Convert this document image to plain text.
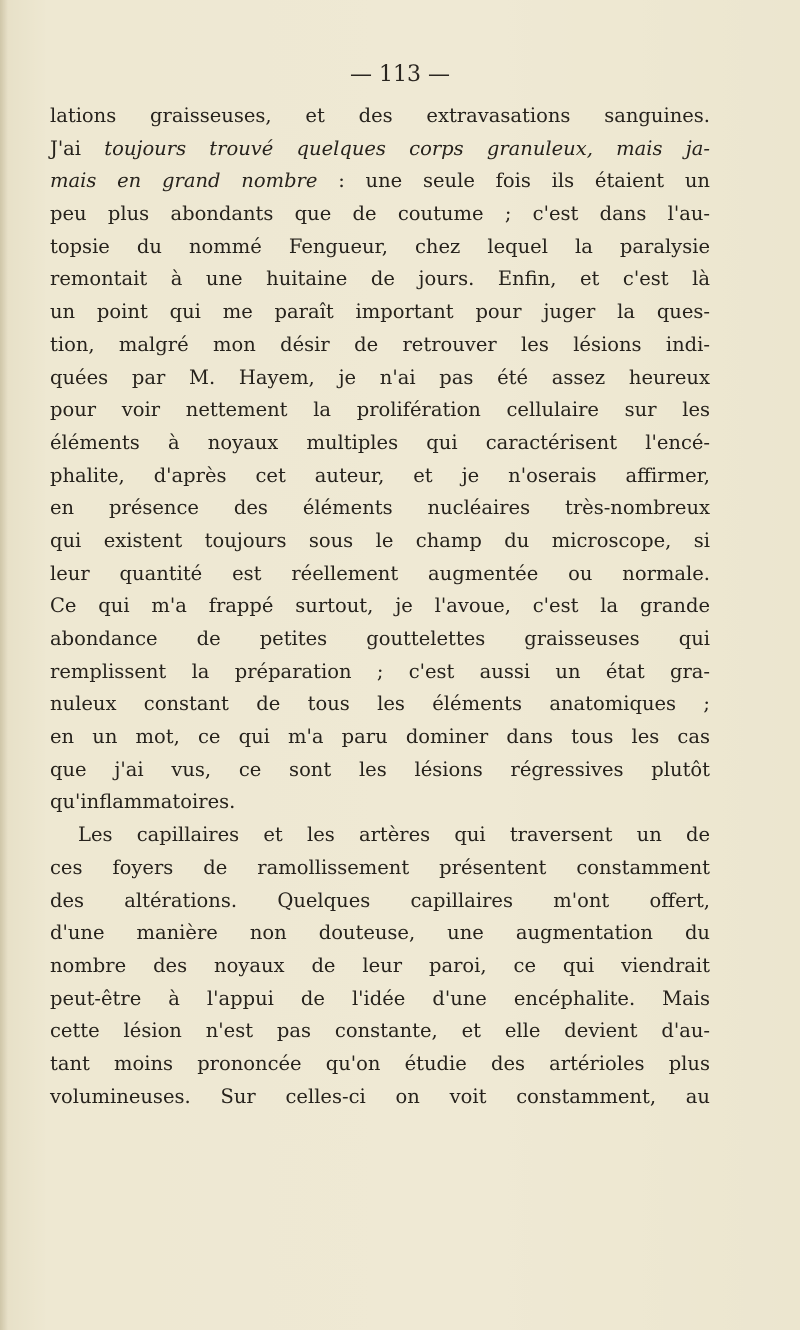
— 113 —
lations graisseuses, et des extravasations sanguines.
J'ai toujours trouvé quelques corps granuleux, mais ja-
mais en grand nombre : une seule fois ils étaient un
peu plus abondants que de coutume ; c'est dans l'au-
topsie du nommé Fengueur, chez lequel la paralysie
remontait à une huitaine de jours. Enfin, et c'est là
un point qui me paraît important pour juger la ques-
tion, malgré mon désir de retrouver les lésions indi-
quées par M. Hayem, je n'ai pas été assez heureux
pour voir nettement la prolifération cellulaire sur les
éléments à noyaux multiples qui caractérisent l'encé-
phalite, d'après cet auteur, et je n'oserais affirmer,
en présence des éléments nucléaires très-nombreux
qui existent toujours sous le champ du microscope, si
leur quantité est réellement augmentée ou normale.
Ce qui m'a frappé surtout, je l'avoue, c'est la grande
abondance de petites gouttelettes graisseuses qui
remplissent la préparation ; c'est aussi un état gra-
nuleux constant de tous les éléments anatomiques ;
en un mot, ce qui m'a paru dominer dans tous les cas
que j'ai vus, ce sont les lésions régressives plutôt
qu'inflammatoires.
Les capillaires et les artères qui traversent un de
ces foyers de ramollissement présentent constamment
des altérations. Quelques capillaires m'ont offert,
d'une manière non douteuse, une augmentation du
nombre des noyaux de leur paroi, ce qui viendrait
peut-être à l'appui de l'idée d'une encéphalite. Mais
cette lésion n'est pas constante, et elle devient d'au-
tant moins prononcée qu'on étudie des artérioles plus
volumineuses. Sur celles-ci on voit constamment, au
